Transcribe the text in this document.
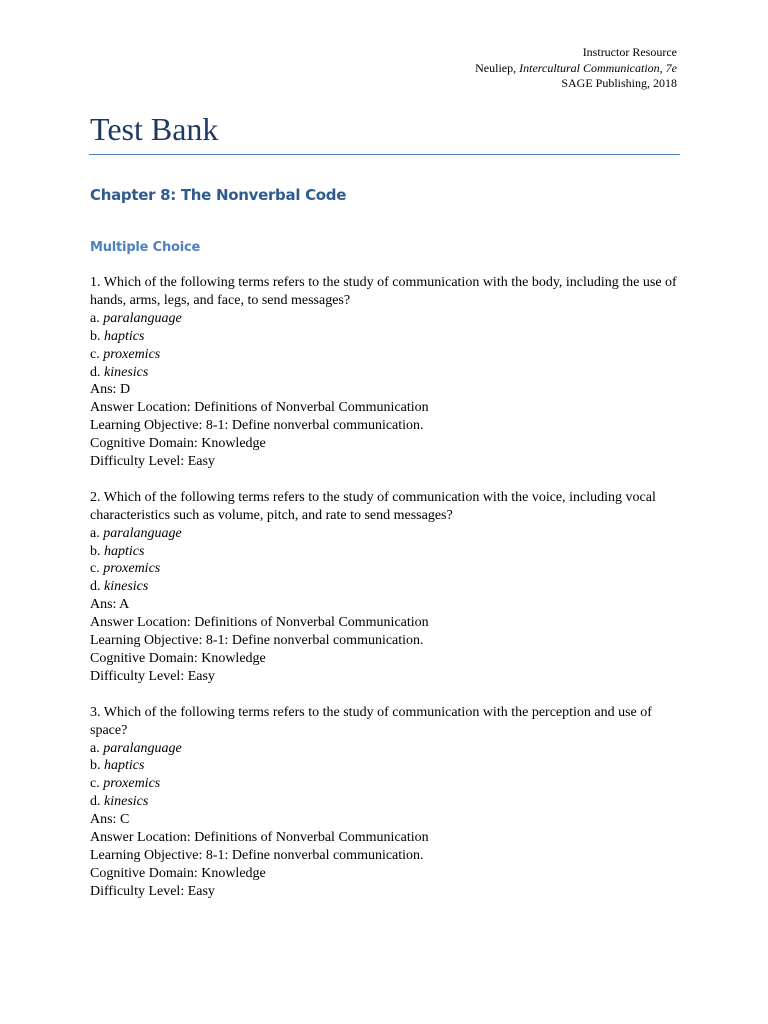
Instructor Resource
Neuliep, Intercultural Communication, 7e
SAGE Publishing, 2018
Test Bank
Chapter 8: The Nonverbal Code
Multiple Choice

1. Which of the following terms refers to the study of communication with the body, including the use of hands, arms, legs, and face, to send messages?

a. paralanguage

b. haptics

c. proxemics

d. kinesics

Ans: D

Answer Location: Definitions of Nonverbal Communication

Learning Objective: 8-1: Define nonverbal communication.

Cognitive Domain: Knowledge

Difficulty Level: Easy

2. Which of the following terms refers to the study of communication with the voice, including vocal characteristics such as volume, pitch, and rate to send messages?

a. paralanguage

b. haptics

c. proxemics

d. kinesics

Ans: A

Answer Location: Definitions of Nonverbal Communication

Learning Objective: 8-1: Define nonverbal communication.

Cognitive Domain: Knowledge

Difficulty Level: Easy

3. Which of the following terms refers to the study of communication with the perception and use of space?

a. paralanguage

b. haptics

c. proxemics

d. kinesics

Ans: C

Answer Location: Definitions of Nonverbal Communication

Learning Objective: 8-1: Define nonverbal communication.

Cognitive Domain: Knowledge

Difficulty Level: Easy
